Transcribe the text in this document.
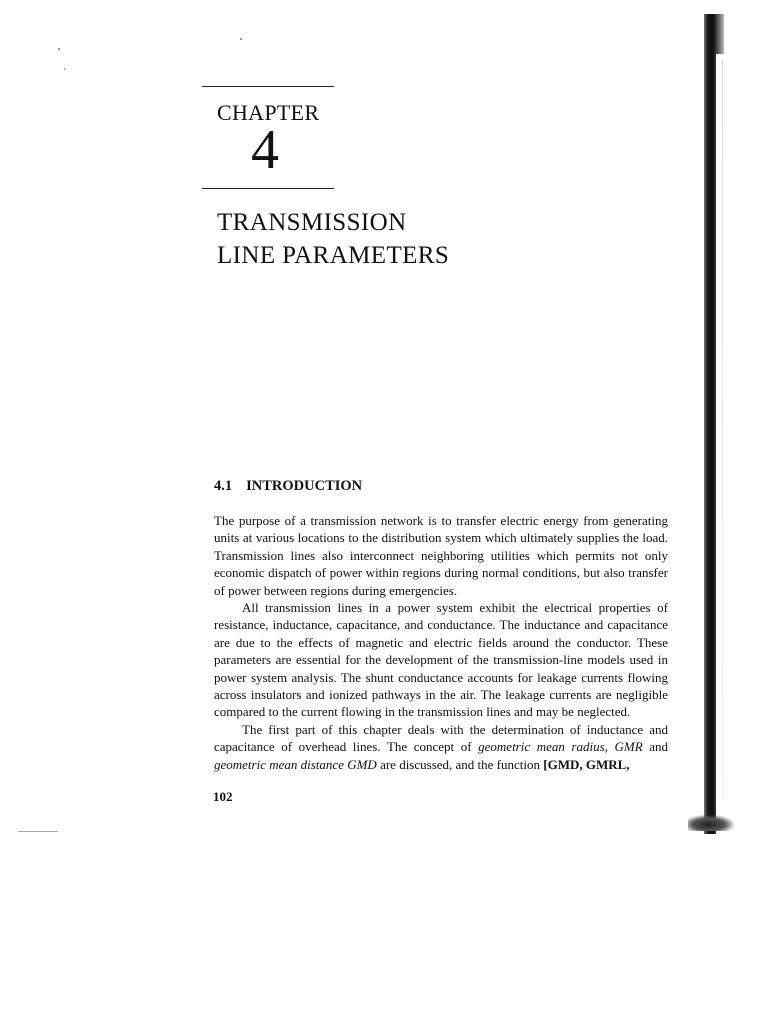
CHAPTER
4
TRANSMISSION
LINE PARAMETERS
4.1 INTRODUCTION

The purpose of a transmission network is to transfer electric energy from generating units at various locations to the distribution system which ultimately supplies the load. Transmission lines also interconnect neighboring utilities which permits not only economic dispatch of power within regions during normal conditions, but also transfer of power between regions during emergencies.

All transmission lines in a power system exhibit the electrical properties of resistance, inductance, capacitance, and conductance. The inductance and capacitance are due to the effects of magnetic and electric fields around the conductor. These parameters are essential for the development of the transmission-line models used in power system analysis. The shunt conductance accounts for leakage currents flowing across insulators and ionized pathways in the air. The leakage currents are negligible compared to the current flowing in the transmission lines and may be neglected.

The first part of this chapter deals with the determination of inductance and capacitance of overhead lines. The concept of geometric mean radius, GMR and geometric mean distance GMD are discussed, and the function [GMD, GMRL,

102
